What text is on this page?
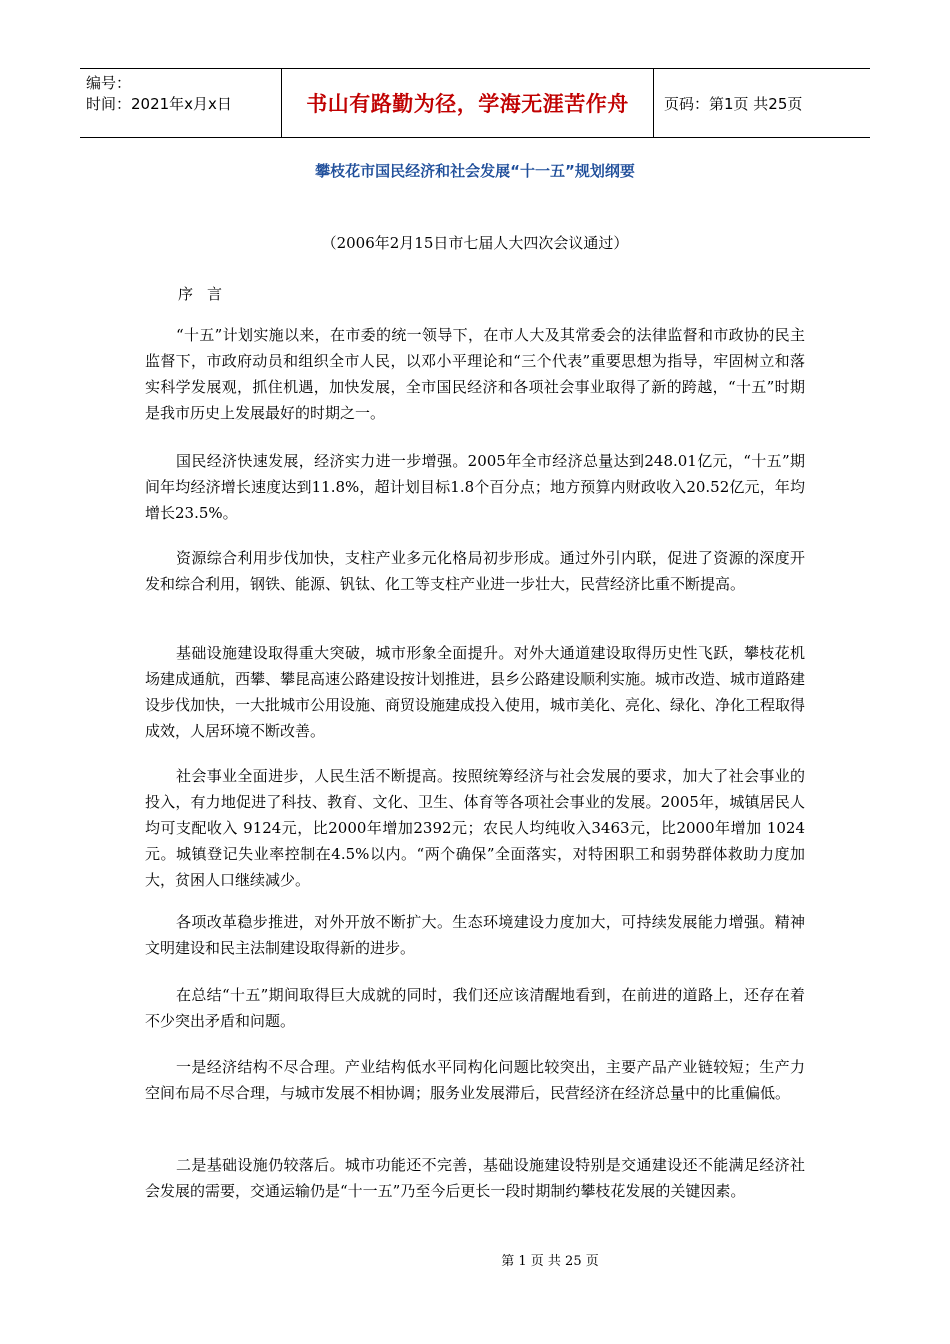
编号：
时间：2021年x月x日	书山有路勤为径，学海无涯苦作舟	页码：第1页 共25页
攀枝花市国民经济和社会发展“十一五”规划纲要
（2006年2月15日市七届人大四次会议通过）
序言

“十五”计划实施以来，在市委的统一领导下，在市人大及其常委会的法律监督和市政协的民主监督下，市政府动员和组织全市人民，以邓小平理论和“三个代表”重要思想为指导，牢固树立和落实科学发展观，抓住机遇，加快发展，全市国民经济和各项社会事业取得了新的跨越，“十五”时期是我市历史上发展最好的时期之一。

国民经济快速发展，经济实力进一步增强。2005年全市经济总量达到248.01亿元，“十五”期间年均经济增长速度达到11.8%，超计划目标1.8个百分点；地方预算内财政收入20.52亿元，年均增长23.5%。

资源综合利用步伐加快，支柱产业多元化格局初步形成。通过外引内联，促进了资源的深度开发和综合利用，钢铁、能源、钒钛、化工等支柱产业进一步壮大，民营经济比重不断提高。

基础设施建设取得重大突破，城市形象全面提升。对外大通道建设取得历史性飞跃，攀枝花机场建成通航，西攀、攀昆高速公路建设按计划推进，县乡公路建设顺利实施。城市改造、城市道路建设步伐加快，一大批城市公用设施、商贸设施建成投入使用，城市美化、亮化、绿化、净化工程取得成效，人居环境不断改善。

社会事业全面进步，人民生活不断提高。按照统筹经济与社会发展的要求，加大了社会事业的投入，有力地促进了科技、教育、文化、卫生、体育等各项社会事业的发展。2005年，城镇居民人均可支配收入 9124元，比2000年增加2392元；农民人均纯收入3463元，比2000年增加 1024元。城镇登记失业率控制在4.5%以内。“两个确保”全面落实，对特困职工和弱势群体救助力度加大，贫困人口继续减少。

各项改革稳步推进，对外开放不断扩大。生态环境建设力度加大，可持续发展能力增强。精神文明建设和民主法制建设取得新的进步。

在总结“十五”期间取得巨大成就的同时，我们还应该清醒地看到，在前进的道路上，还存在着不少突出矛盾和问题。

一是经济结构不尽合理。产业结构低水平同构化问题比较突出，主要产品产业链较短；生产力空间布局不尽合理，与城市发展不相协调；服务业发展滞后，民营经济在经济总量中的比重偏低。

二是基础设施仍较落后。城市功能还不完善，基础设施建设特别是交通建设还不能满足经济社会发展的需要，交通运输仍是“十一五”乃至今后更长一段时期制约攀枝花发展的关键因素。

第 1 页 共 25 页
